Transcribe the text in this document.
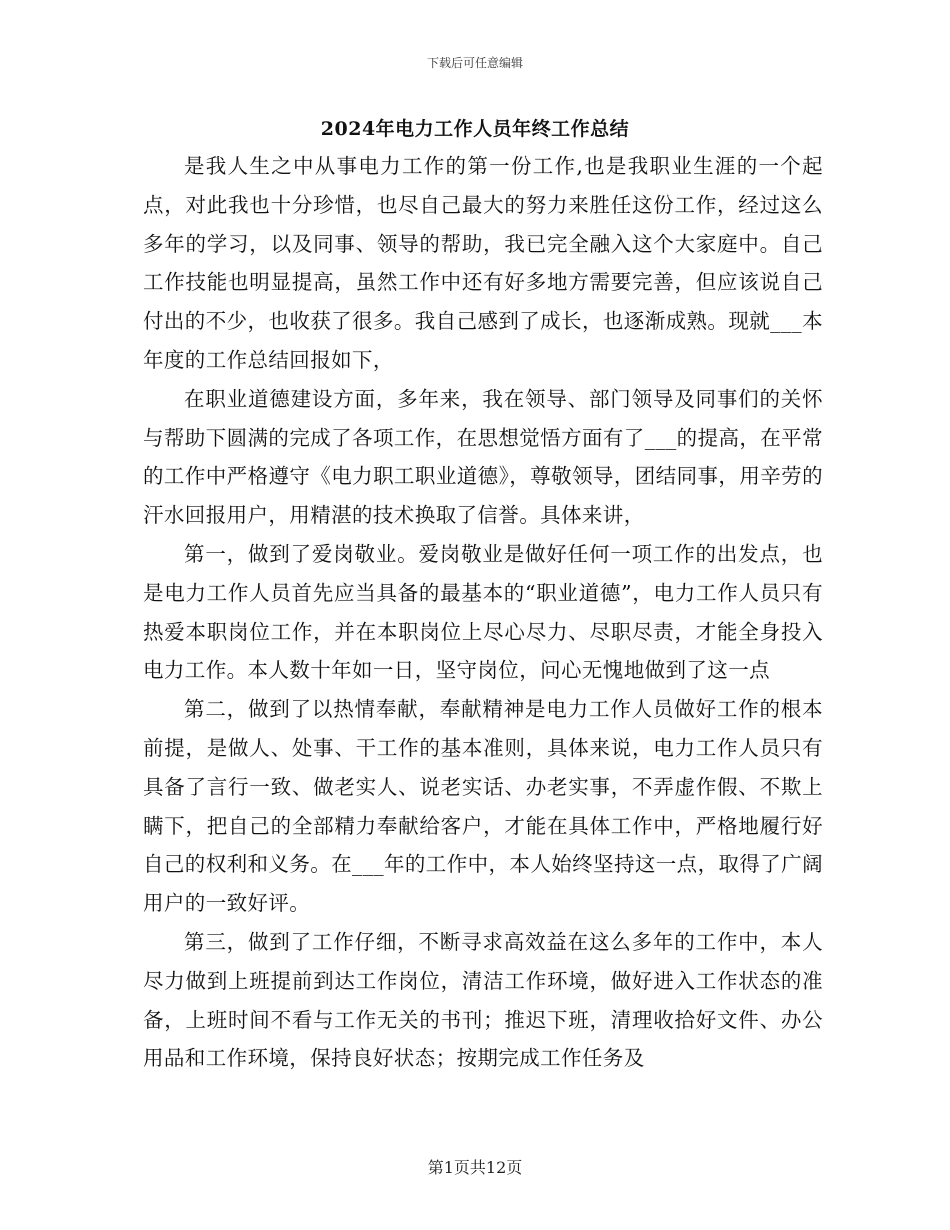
下载后可任意编辑
2024年电力工作人员年终工作总结

是我人生之中从事电力工作的第一份工作,也是我职业生涯的一个起点，对此我也十分珍惜，也尽自己最大的努力来胜任这份工作，经过这么多年的学习，以及同事、领导的帮助，我已完全融入这个大家庭中。自己工作技能也明显提高，虽然工作中还有好多地方需要完善，但应该说自己付出的不少，也收获了很多。我自己感到了成长，也逐渐成熟。现就___本年度的工作总结回报如下，

在职业道德建设方面，多年来，我在领导、部门领导及同事们的关怀与帮助下圆满的完成了各项工作，在思想觉悟方面有了___的提高，在平常的工作中严格遵守《电力职工职业道德》，尊敬领导，团结同事，用辛劳的汗水回报用户，用精湛的技术换取了信誉。具体来讲，

第一，做到了爱岗敬业。爱岗敬业是做好任何一项工作的出发点，也是电力工作人员首先应当具备的最基本的“职业道德”，电力工作人员只有热爱本职岗位工作，并在本职岗位上尽心尽力、尽职尽责，才能全身投入电力工作。本人数十年如一日，坚守岗位，问心无愧地做到了这一点

第二，做到了以热情奉献，奉献精神是电力工作人员做好工作的根本前提，是做人、处事、干工作的基本准则，具体来说，电力工作人员只有具备了言行一致、做老实人、说老实话、办老实事，不弄虚作假、不欺上瞒下，把自己的全部精力奉献给客户，才能在具体工作中，严格地履行好自己的权利和义务。在___年的工作中，本人始终坚持这一点，取得了广阔用户的一致好评。

第三，做到了工作仔细，不断寻求高效益在这么多年的工作中，本人尽力做到上班提前到达工作岗位，清洁工作环境，做好进入工作状态的准备，上班时间不看与工作无关的书刊；推迟下班，清理收拾好文件、办公用品和工作环境，保持良好状态；按期完成工作任务及

第1页共12页
